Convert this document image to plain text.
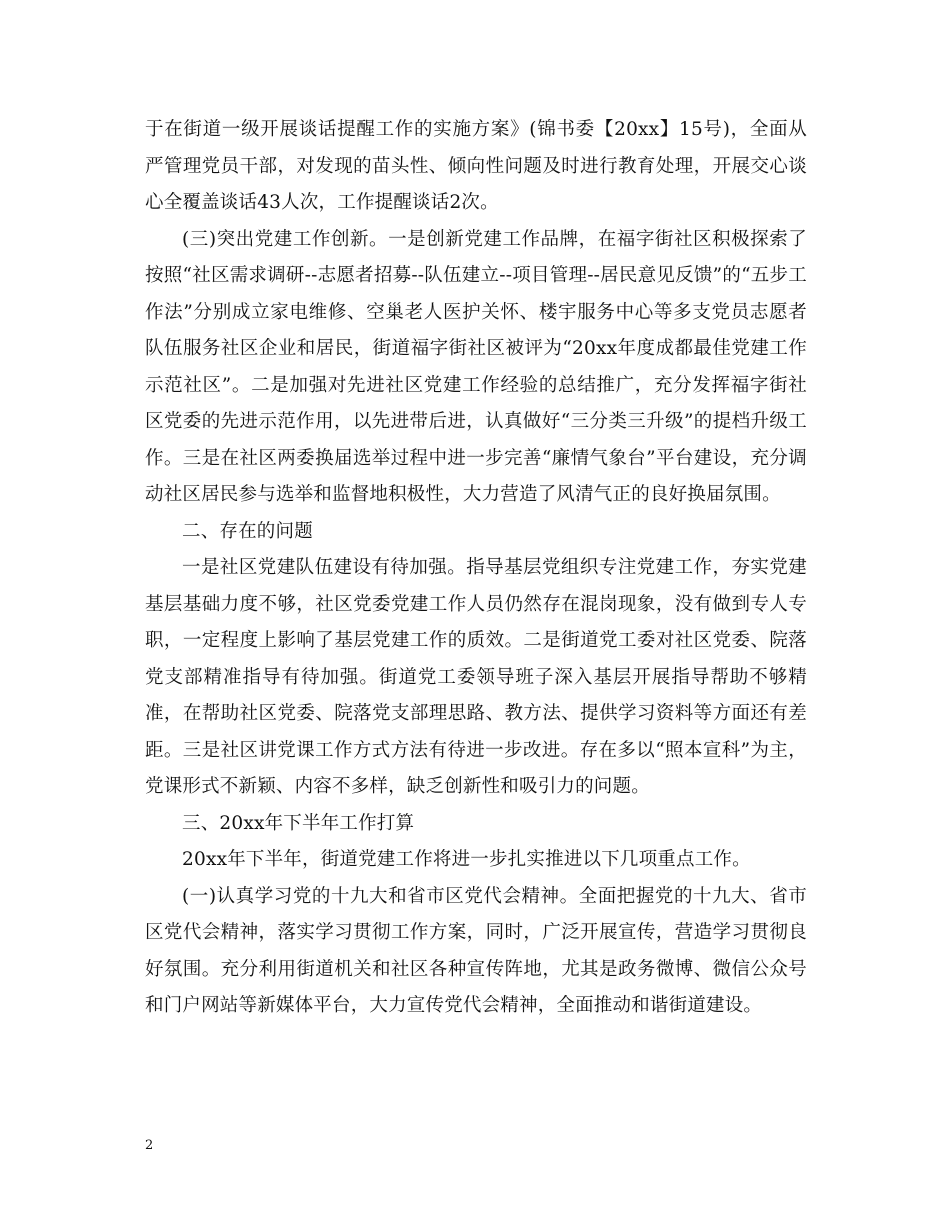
于在街道一级开展谈话提醒工作的实施方案》(锦书委【20xx】15号)，全面从严管理党员干部，对发现的苗头性、倾向性问题及时进行教育处理，开展交心谈心全覆盖谈话43人次，工作提醒谈话2次。

(三)突出党建工作创新。一是创新党建工作品牌，在福字街社区积极探索了按照“社区需求调研--志愿者招募--队伍建立--项目管理--居民意见反馈”的“五步工作法”分别成立家电维修、空巢老人医护关怀、楼宇服务中心等多支党员志愿者队伍服务社区企业和居民，街道福字街社区被评为“20xx年度成都最佳党建工作示范社区”。二是加强对先进社区党建工作经验的总结推广，充分发挥福字街社区党委的先进示范作用，以先进带后进，认真做好“三分类三升级”的提档升级工作。三是在社区两委换届选举过程中进一步完善“廉情气象台”平台建设，充分调动社区居民参与选举和监督地积极性，大力营造了风清气正的良好换届氛围。

二、存在的问题

一是社区党建队伍建设有待加强。指导基层党组织专注党建工作，夯实党建基层基础力度不够，社区党委党建工作人员仍然存在混岗现象，没有做到专人专职，一定程度上影响了基层党建工作的质效。二是街道党工委对社区党委、院落党支部精准指导有待加强。街道党工委领导班子深入基层开展指导帮助不够精准，在帮助社区党委、院落党支部理思路、教方法、提供学习资料等方面还有差距。三是社区讲党课工作方式方法有待进一步改进。存在多以“照本宣科”为主，党课形式不新颖、内容不多样，缺乏创新性和吸引力的问题。

三、20xx年下半年工作打算

20xx年下半年，街道党建工作将进一步扎实推进以下几项重点工作。

(一)认真学习党的十九大和省市区党代会精神。全面把握党的十九大、省市区党代会精神，落实学习贯彻工作方案，同时，广泛开展宣传，营造学习贯彻良好氛围。充分利用街道机关和社区各种宣传阵地，尤其是政务微博、微信公众号和门户网站等新媒体平台，大力宣传党代会精神，全面推动和谐街道建设。

2
